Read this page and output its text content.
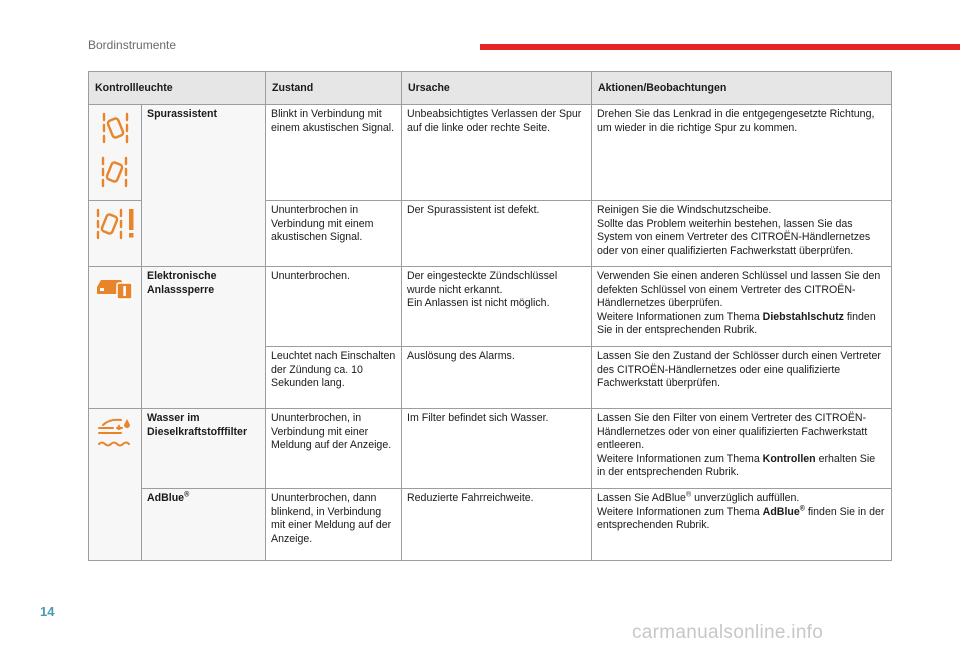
Bordinstrumente
Kontrollleuchte		Zustand	Ursache	Aktionen/Beobachtungen

	Spurassistent	Blinkt in Verbindung mit einem akustischen Signal.	Unbeabsichtigtes Verlassen der Spur auf die linke oder rechte Seite.	Drehen Sie das Lenkrad in die entgegengesetzte Richtung, um wieder in die richtige Spur zu kommen.

	Ununterbrochen in Verbindung mit einem akustischen Signal.	Der Spurassistent ist defekt.	Reinigen Sie die Windschutzscheibe.
Sollte das Problem weiterhin bestehen, lassen Sie das System von einem Vertreter des CITROËN-Händlernetzes oder von einer qualifizierten Fachwerkstatt überprüfen.

	Elektronische Anlasssperre	Ununterbrochen.	Der eingesteckte Zündschlüssel wurde nicht erkannt.
Ein Anlassen ist nicht möglich.	Verwenden Sie einen anderen Schlüssel und lassen Sie den defekten Schlüssel von einem Vertreter des CITROËN-Händlernetzes überprüfen.
Weitere Informationen zum Thema Diebstahlschutz finden Sie in der entsprechenden Rubrik.
		Leuchtet nach Einschalten der Zündung ca. 10 Sekunden lang.	Auslösung des Alarms.	Lassen Sie den Zustand der Schlösser durch einen Vertreter des CITROËN-Händlernetzes oder eine qualifizierte Fachwerkstatt überprüfen.

	Wasser im Dieselkraftstofffilter	Ununterbrochen, in Verbindung mit einer Meldung auf der Anzeige.	Im Filter befindet sich Wasser.	Lassen Sie den Filter von einem Vertreter des CITROËN-Händlernetzes oder von einer qualifizierten Fachwerkstatt entleeren.
Weitere Informationen zum Thema Kontrollen erhalten Sie in der entsprechenden Rubrik.
	AdBlue®	Ununterbrochen, dann blinkend, in Verbindung mit einer Meldung auf der Anzeige.	Reduzierte Fahrreichweite.	Lassen Sie AdBlue® unverzüglich auffüllen.
Weitere Informationen zum Thema AdBlue® finden Sie in der entsprechenden Rubrik.
14
carmanualsonline.info
